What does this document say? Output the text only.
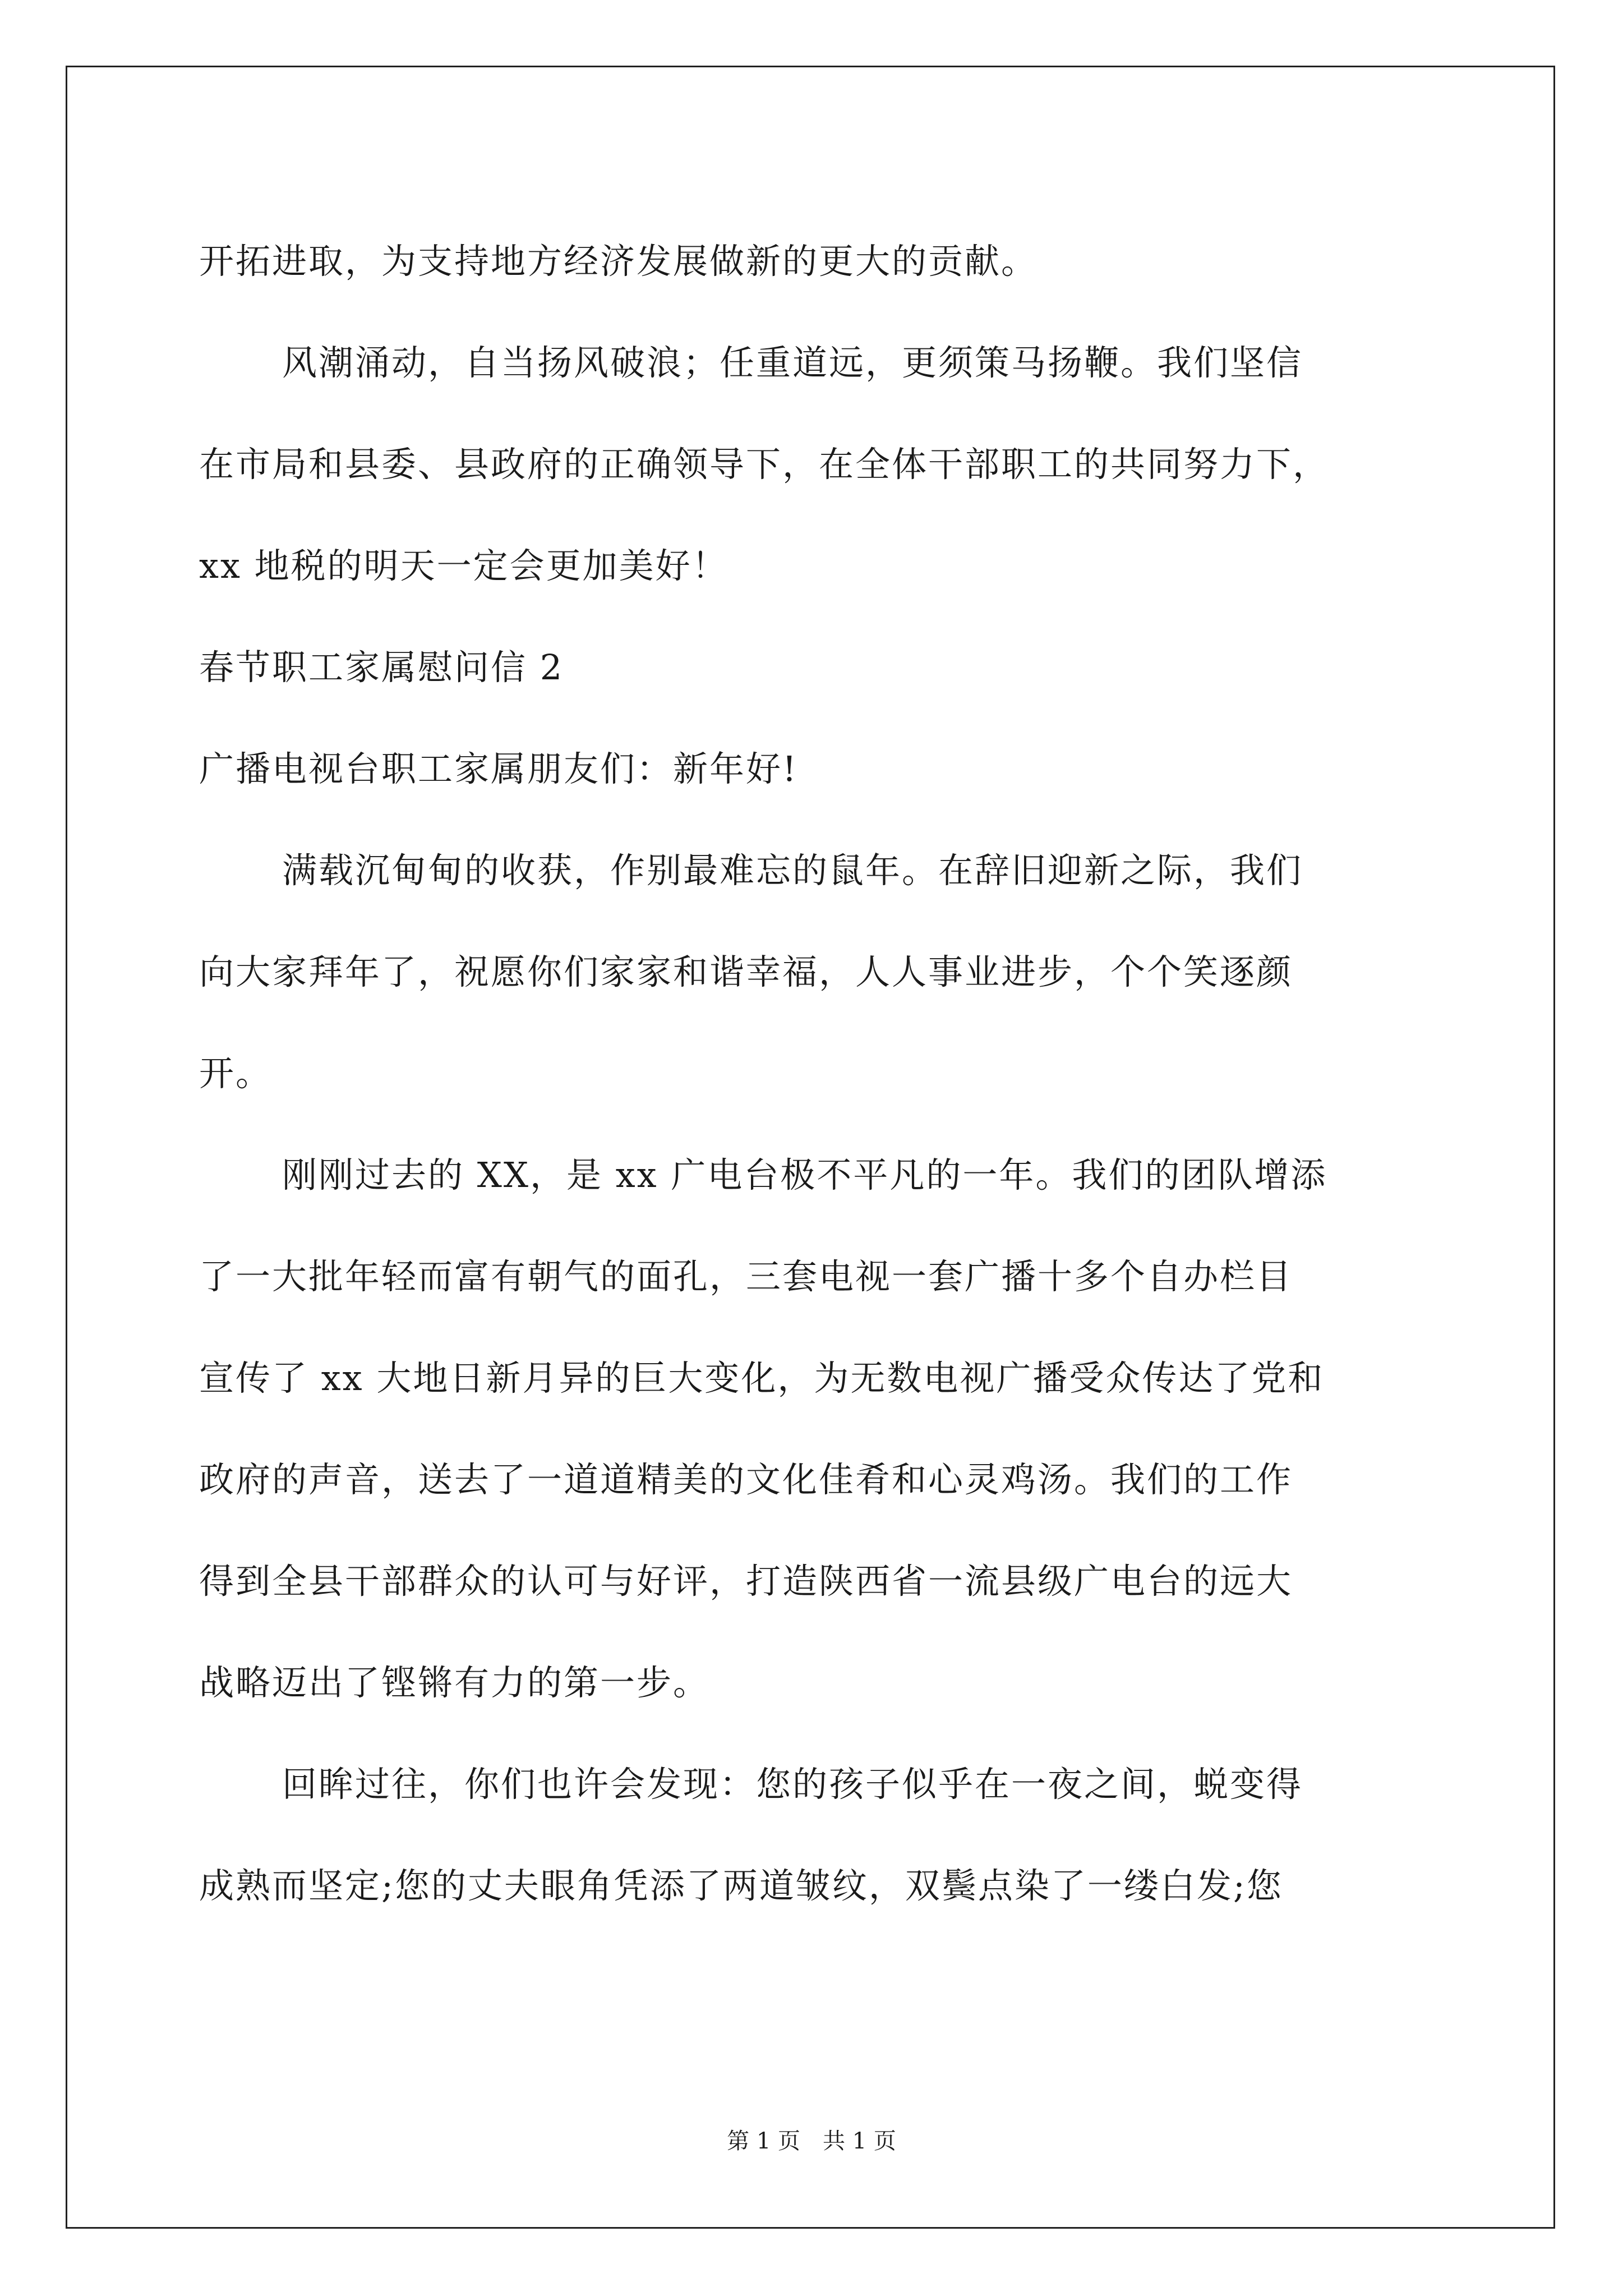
开拓进取，为支持地方经济发展做新的更大的贡献。
风潮涌动，自当扬风破浪；任重道远，更须策马扬鞭。我们坚信
在市局和县委、县政府的正确领导下，在全体干部职工的共同努力下，
xx 地税的明天一定会更加美好！
春节职工家属慰问信 2
广播电视台职工家属朋友们：新年好!
满载沉甸甸的收获，作别最难忘的鼠年。在辞旧迎新之际，我们
向大家拜年了，祝愿你们家家和谐幸福，人人事业进步，个个笑逐颜
开。
刚刚过去的 XX，是 xx 广电台极不平凡的一年。我们的团队增添
了一大批年轻而富有朝气的面孔，三套电视一套广播十多个自办栏目
宣传了 xx 大地日新月异的巨大变化，为无数电视广播受众传达了党和
政府的声音，送去了一道道精美的文化佳肴和心灵鸡汤。我们的工作
得到全县干部群众的认可与好评，打造陕西省一流县级广电台的远大
战略迈出了铿锵有力的第一步。
回眸过往，你们也许会发现：您的孩子似乎在一夜之间，蜕变得
成熟而坚定;您的丈夫眼角凭添了两道皱纹，双鬓点染了一缕白发;您
第 1 页　共 1 页
